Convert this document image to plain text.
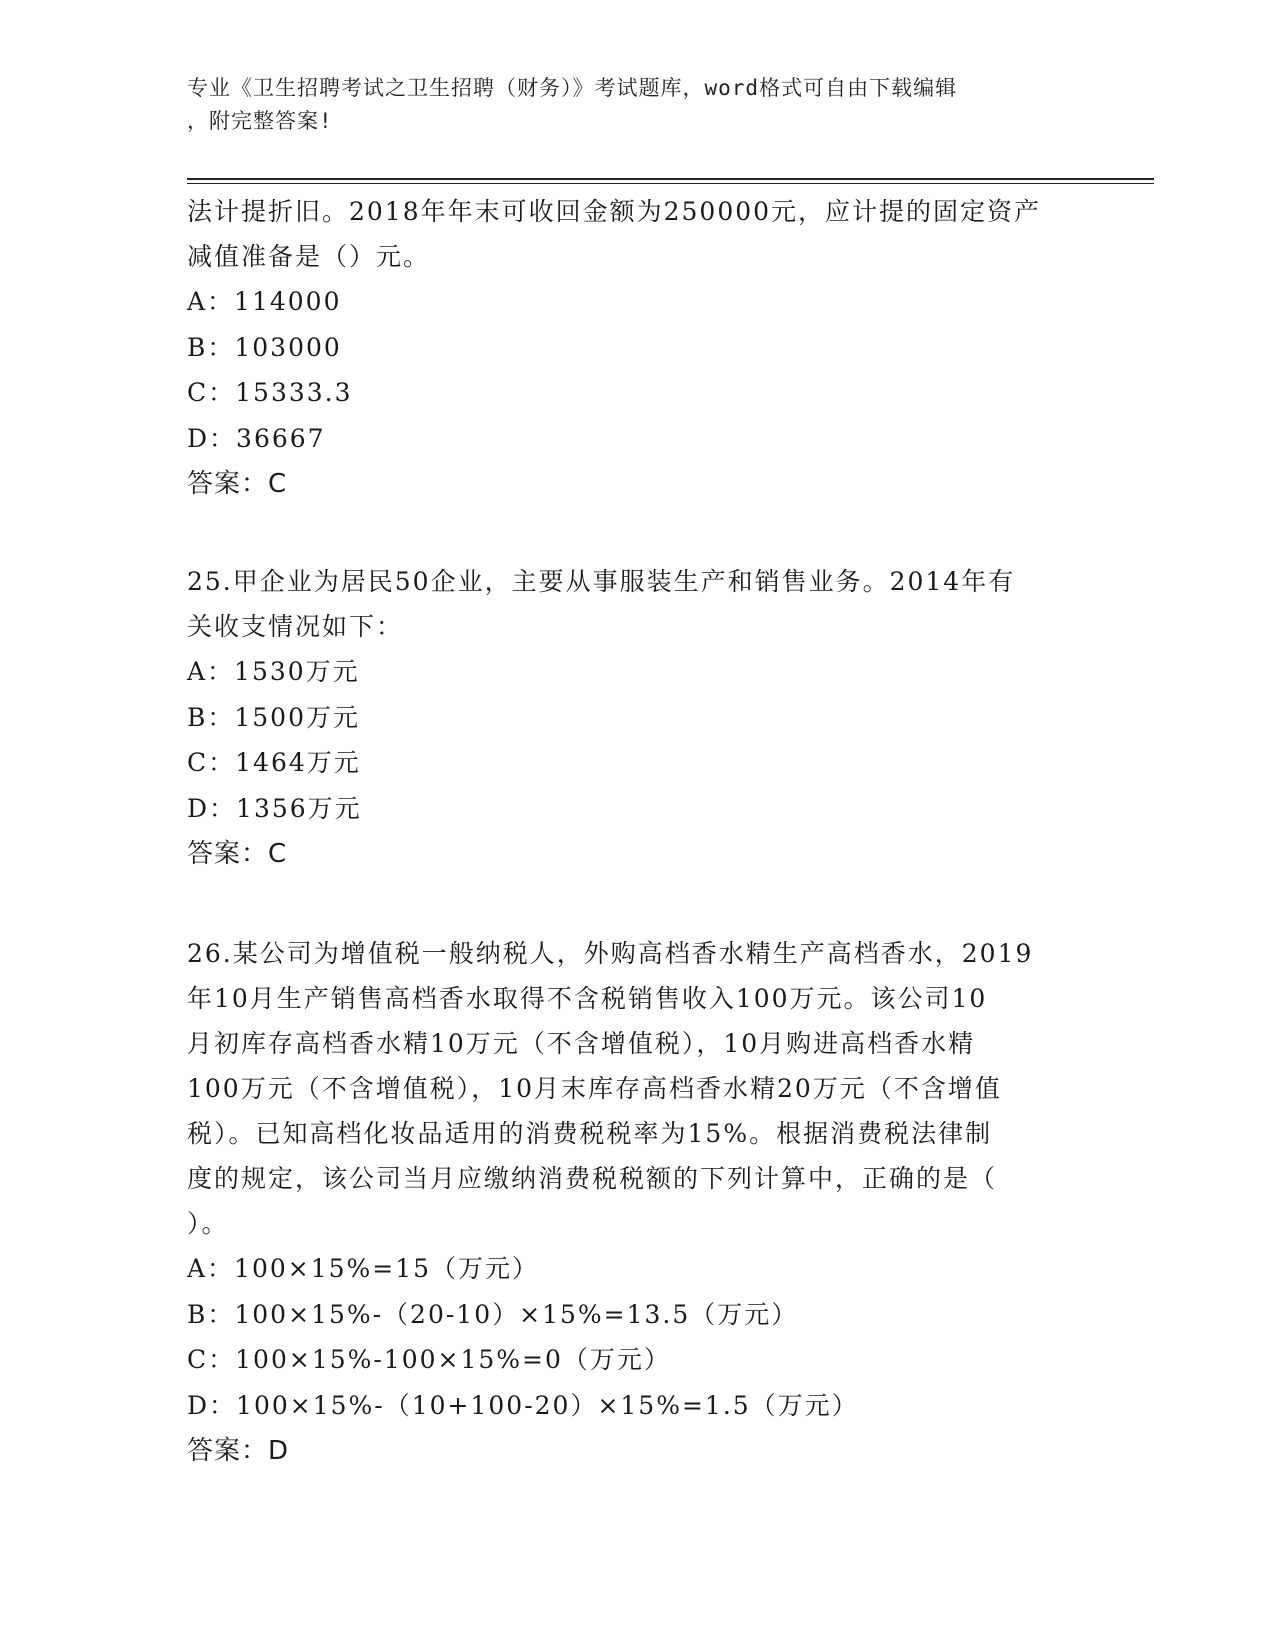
专业《卫生招聘考试之卫生招聘（财务）》考试题库，word格式可自由下载编辑
，附完整答案!
法计提折旧。2018年年末可收回金额为250000元，应计提的固定资产
减值准备是（）元。
A：114000
B：103000
C：15333.3
D：36667
答案：C
25.甲企业为居民50企业，主要从事服装生产和销售业务。2014年有
关收支情况如下：
A：1530万元
B：1500万元
C：1464万元
D：1356万元
答案：C
26.某公司为增值税一般纳税人，外购高档香水精生产高档香水，2019
年10月生产销售高档香水取得不含税销售收入100万元。该公司10
月初库存高档香水精10万元（不含增值税），10月购进高档香水精
100万元（不含增值税），10月末库存高档香水精20万元（不含增值
税）。已知高档化妆品适用的消费税税率为15%。根据消费税法律制
度的规定，该公司当月应缴纳消费税税额的下列计算中，正确的是（
）。
A：100×15%=15（万元）
B：100×15%-（20-10）×15%=13.5（万元）
C：100×15%-100×15%=0（万元）
D：100×15%-（10+100-20）×15%=1.5（万元）
答案：D
